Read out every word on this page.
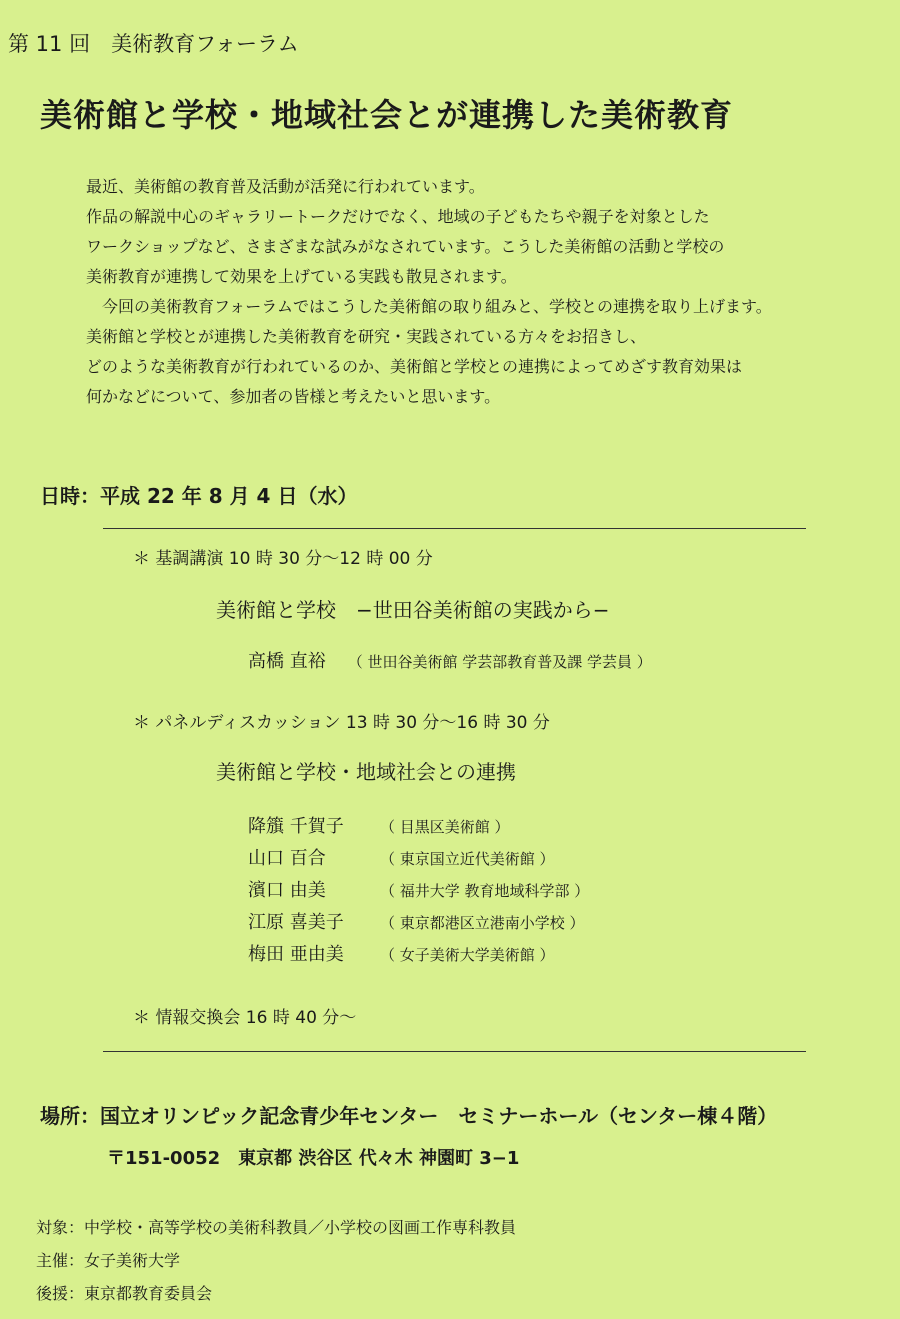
第 11 回　美術教育フォーラム
美術館と学校・地域社会とが連携した美術教育
最近、美術館の教育普及活動が活発に行われています。
作品の解説中心のギャラリートークだけでなく、地域の子どもたちや親子を対象とした
ワークショップなど、さまざまな試みがなされています。こうした美術館の活動と学校の
美術教育が連携して効果を上げている実践も散見されます。
　今回の美術教育フォーラムではこうした美術館の取り組みと、学校との連携を取り上げます。
美術館と学校とが連携した美術教育を研究・実践されている方々をお招きし、
どのような美術教育が行われているのか、美術館と学校との連携によってめざす教育効果は
何かなどについて、参加者の皆様と考えたいと思います。
日時：平成 22 年 8 月 4 日（水）
＊ 基調講演 10 時 30 分〜12 時 00 分
美術館と学校　−世田谷美術館の実践から−
高橋 直裕 （ 世田谷美術館 学芸部教育普及課 学芸員 ）
＊ パネルディスカッション 13 時 30 分〜16 時 30 分
美術館と学校・地域社会との連携
降籏 千賀子 （ 目黒区美術館 ）
山口 百合	（ 東京国立近代美術館 ）
濱口 由美	（ 福井大学 教育地域科学部 ）
江原 喜美子 （ 東京都港区立港南小学校 ）
梅田 亜由美 （ 女子美術大学美術館 ）
＊ 情報交換会 16 時 40 分〜
場所：国立オリンピック記念青少年センター セミナーホール（センター棟４階）
〒151-0052 東京都 渋谷区 代々木 神園町 3−1
対象：中学校・高等学校の美術科教員／小学校の図画工作専科教員
主催：女子美術大学
後援：東京都教育委員会
